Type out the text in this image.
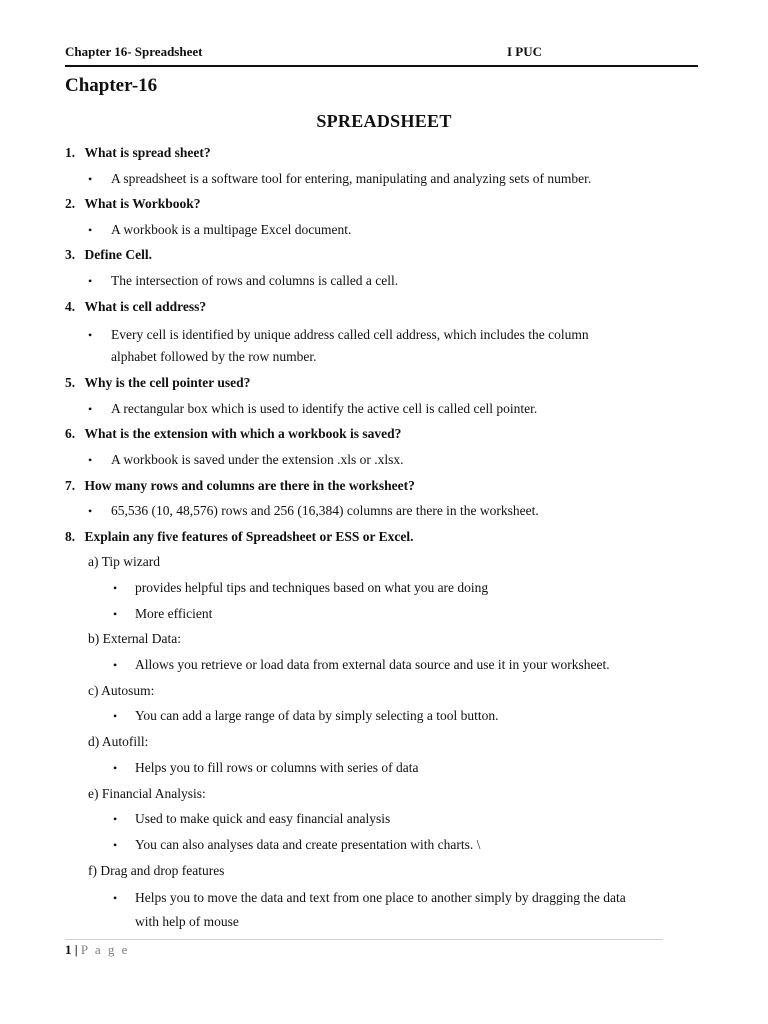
Chapter 16- Spreadsheet	I PUC
Chapter-16
SPREADSHEET
1. What is spread sheet?
• A spreadsheet is a software tool for entering, manipulating and analyzing sets of number.
2. What is Workbook?
• A workbook is a multipage Excel document.
3. Define Cell.
• The intersection of rows and columns is called a cell.
4. What is cell address?
• Every cell is identified by unique address called cell address, which includes the column
alphabet followed by the row number.
5. Why is the cell pointer used?
• A rectangular box which is used to identify the active cell is called cell pointer.
6. What is the extension with which a workbook is saved?
• A workbook is saved under the extension .xls or .xlsx.
7. How many rows and columns are there in the worksheet?
• 65,536 (10, 48,576) rows and 256 (16,384) columns are there in the worksheet.
8. Explain any five features of Spreadsheet or ESS or Excel.
a) Tip wizard
• provides helpful tips and techniques based on what you are doing
• More efficient
b) External Data:
• Allows you retrieve or load data from external data source and use it in your worksheet.
c) Autosum:
• You can add a large range of data by simply selecting a tool button.
d) Autofill:
• Helps you to fill rows or columns with series of data
e) Financial Analysis:
• Used to make quick and easy financial analysis
• You can also analyses data and create presentation with charts. \
f) Drag and drop features
• Helps you to move the data and text from one place to another simply by dragging the data
with help of mouse
1 | P a g e
